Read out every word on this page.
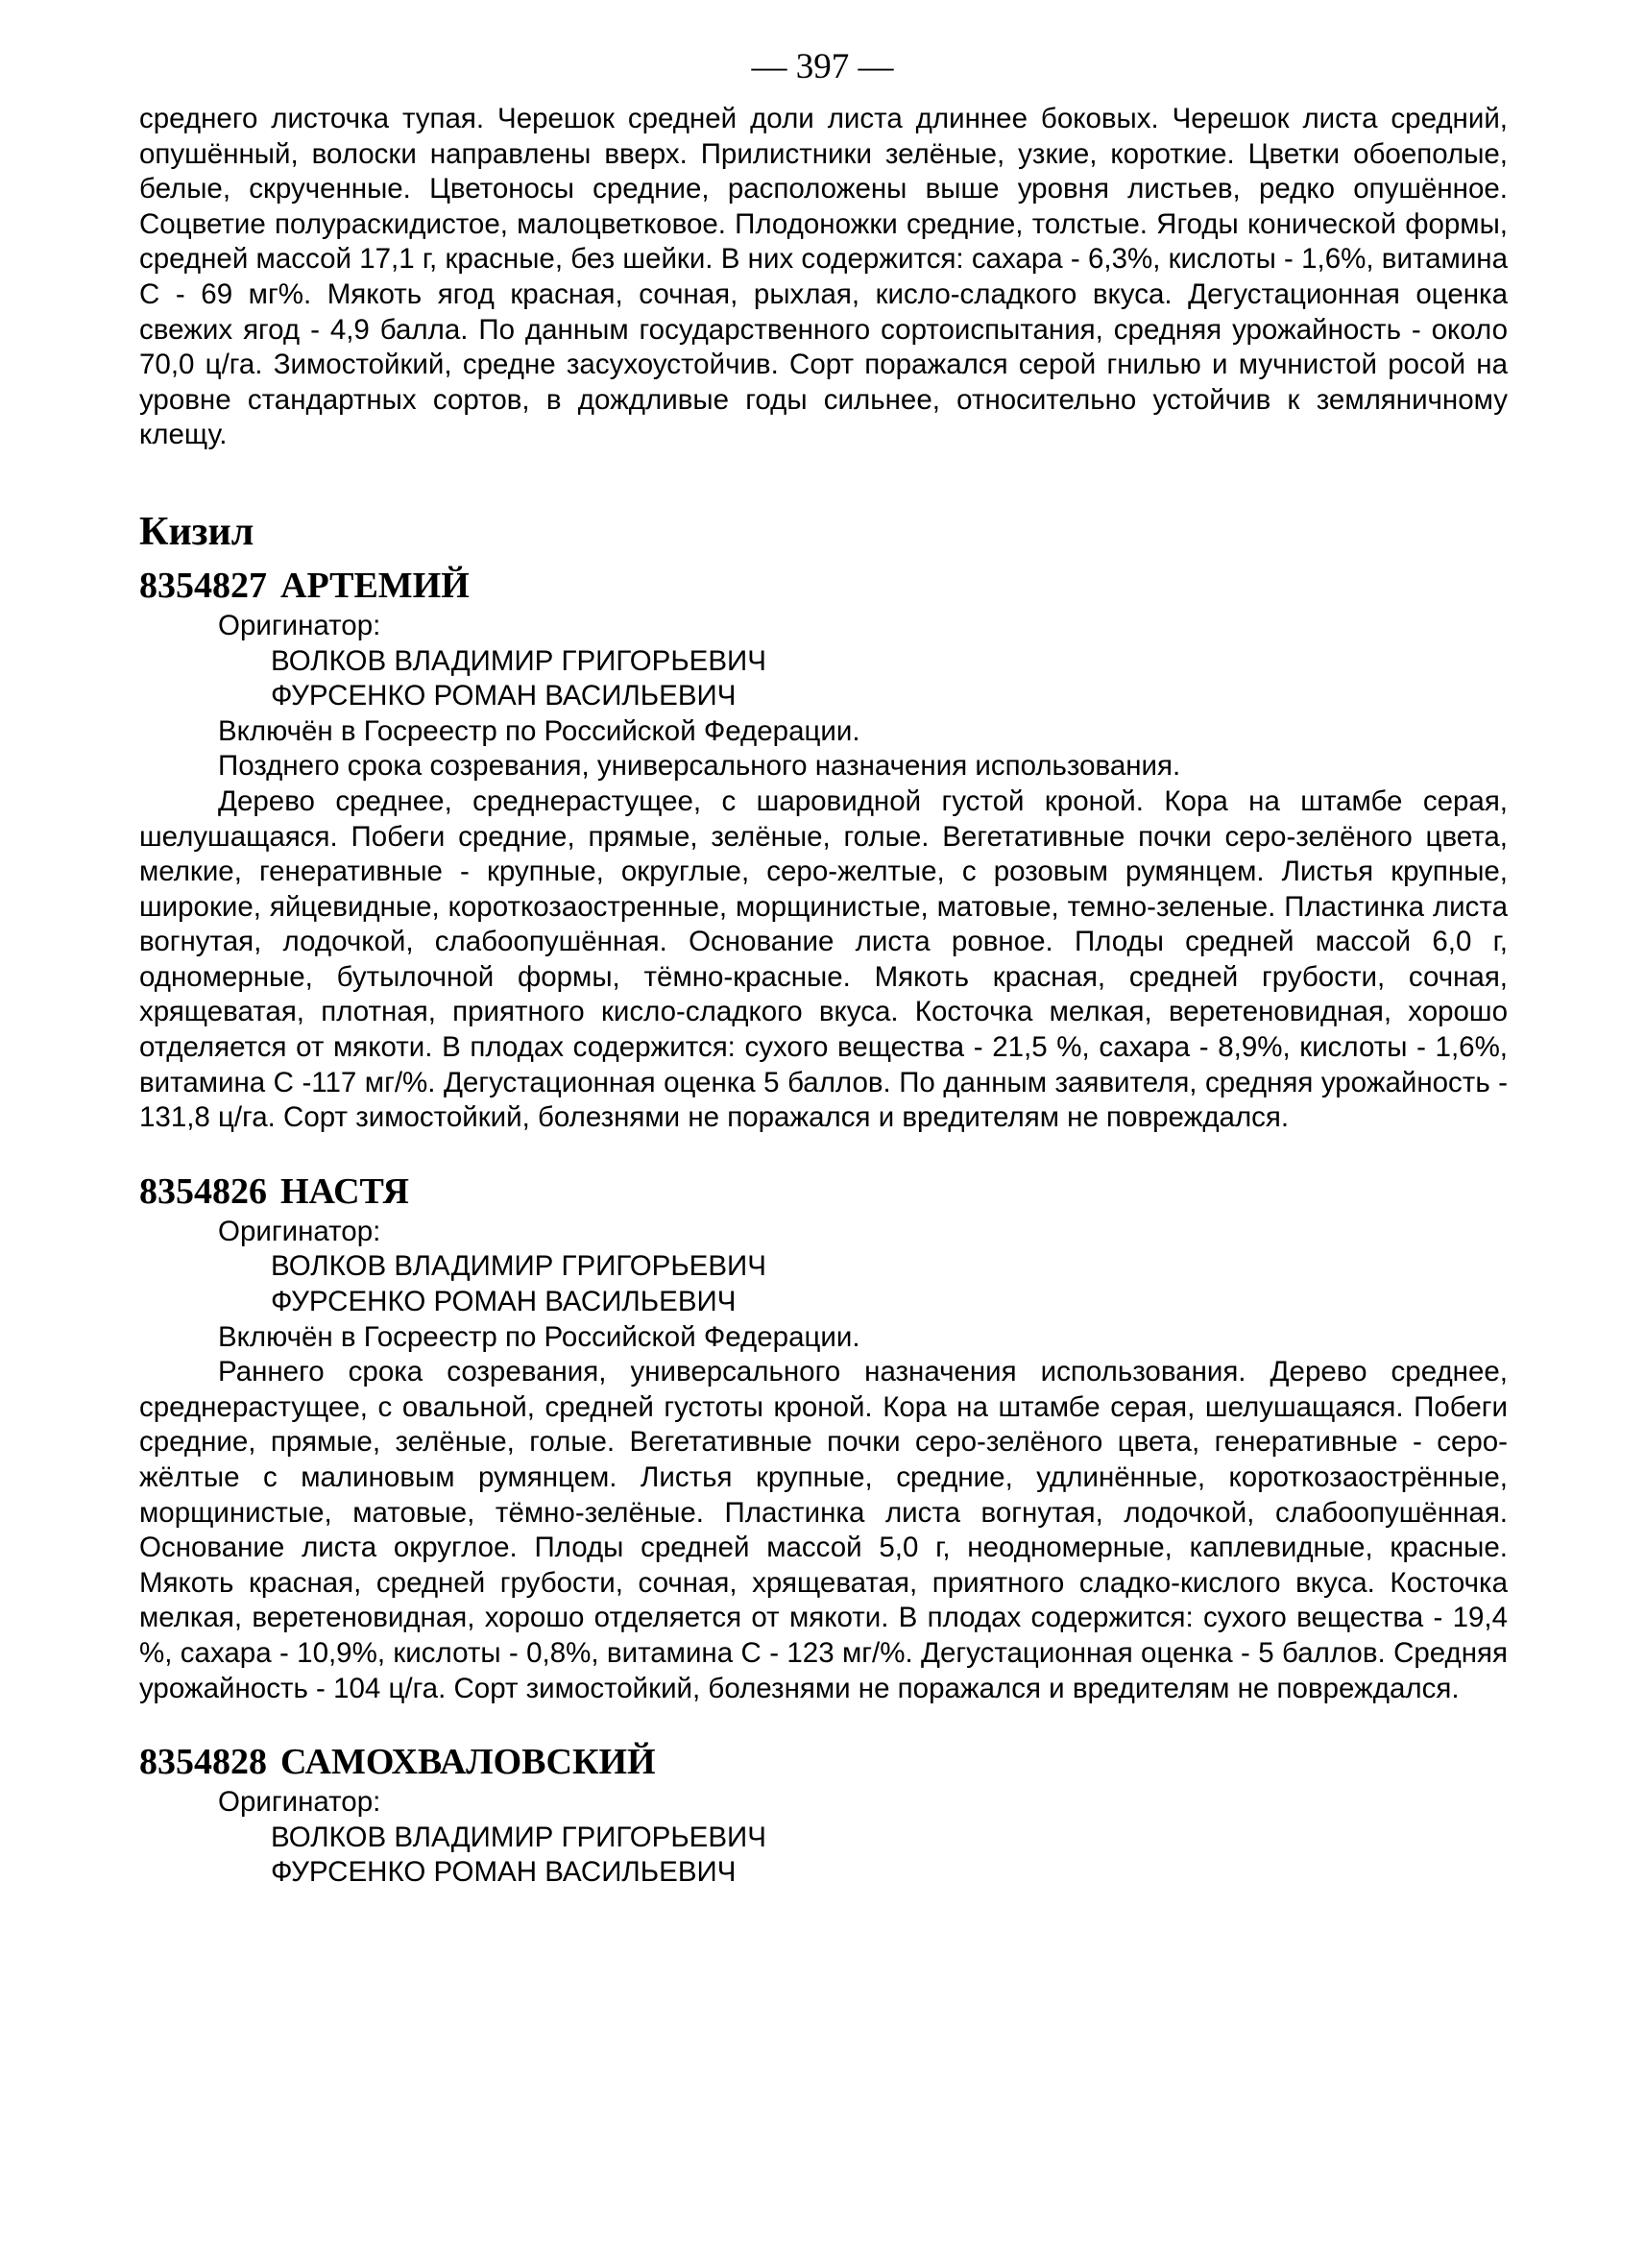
— 397 —

среднего листочка тупая. Черешок средней доли листа длиннее боковых. Черешок листа средний, опушённый, волоски направлены вверх. Прилистники зелёные, узкие, короткие. Цветки обоеполые, белые, скрученные. Цветоносы средние, расположены выше уровня листьев, редко опушённое. Соцветие полураскидистое, малоцветковое. Плодоножки средние, толстые. Ягоды конической формы, средней массой 17,1 г, красные, без шейки. В них содержится: сахара - 6,3%, кислоты - 1,6%, витамина С - 69 мг%. Мякоть ягод красная, сочная, рыхлая, кисло-сладкого вкуса. Дегустационная оценка свежих ягод - 4,9 балла. По данным государственного сортоиспытания, средняя урожайность - около 70,0 ц/га. Зимостойкий, средне засухоустойчив. Сорт поражался серой гнилью и мучнистой росой на уровне стандартных сортов, в дождливые годы сильнее, относительно устойчив к земляничному клещу.

Кизил
8354827 АРТЕМИЙ
Оригинатор:
ВОЛКОВ ВЛАДИМИР ГРИГОРЬЕВИЧ
ФУРСЕНКО РОМАН ВАСИЛЬЕВИЧ
Включён в Госреестр по Российской Федерации.
Позднего срока созревания, универсального назначения использования.

Дерево среднее, среднерастущее, с шаровидной густой кроной. Кора на штамбе серая, шелушащаяся. Побеги средние, прямые, зелёные, голые. Вегетативные почки серо-зелёного цвета, мелкие, генеративные - крупные, округлые, серо-желтые, с розовым румянцем. Листья крупные, широкие, яйцевидные, короткозаостренные, морщинистые, матовые, темно-зеленые. Пластинка листа вогнутая, лодочкой, слабоопушённая. Основание листа ровное. Плоды средней массой 6,0 г, одномерные, бутылочной формы, тёмно-красные. Мякоть красная, средней грубости, сочная, хрящеватая, плотная, приятного кисло-сладкого вкуса. Косточка мелкая, веретеновидная, хорошо отделяется от мякоти. В плодах содержится: сухого вещества - 21,5 %, сахара - 8,9%, кислоты - 1,6%, витамина С -117 мг/%. Дегустационная оценка 5 баллов. По данным заявителя, средняя урожайность - 131,8 ц/га. Сорт зимостойкий, болезнями не поражался и вредителям не повреждался.

8354826 НАСТЯ
Оригинатор:
ВОЛКОВ ВЛАДИМИР ГРИГОРЬЕВИЧ
ФУРСЕНКО РОМАН ВАСИЛЬЕВИЧ
Включён в Госреестр по Российской Федерации.

Раннего срока созревания, универсального назначения использования. Дерево среднее, среднерастущее, с овальной, средней густоты кроной. Кора на штамбе серая, шелушащаяся. Побеги средние, прямые, зелёные, голые. Вегетативные почки серо-зелёного цвета, генеративные - серо-жёлтые с малиновым румянцем. Листья крупные, средние, удлинённые, короткозаострённые, морщинистые, матовые, тёмно-зелёные. Пластинка листа вогнутая, лодочкой, слабоопушённая. Основание листа округлое. Плоды средней массой 5,0 г, неодномерные, каплевидные, красные. Мякоть красная, средней грубости, сочная, хрящеватая, приятного сладко-кислого вкуса. Косточка мелкая, веретеновидная, хорошо отделяется от мякоти. В плодах содержится: сухого вещества - 19,4 %, сахара - 10,9%, кислоты - 0,8%, витамина С - 123 мг/%. Дегустационная оценка - 5 баллов. Средняя урожайность - 104 ц/га. Сорт зимостойкий, болезнями не поражался и вредителям не повреждался.

8354828 САМОХВАЛОВСКИЙ
Оригинатор:
ВОЛКОВ ВЛАДИМИР ГРИГОРЬЕВИЧ
ФУРСЕНКО РОМАН ВАСИЛЬЕВИЧ
